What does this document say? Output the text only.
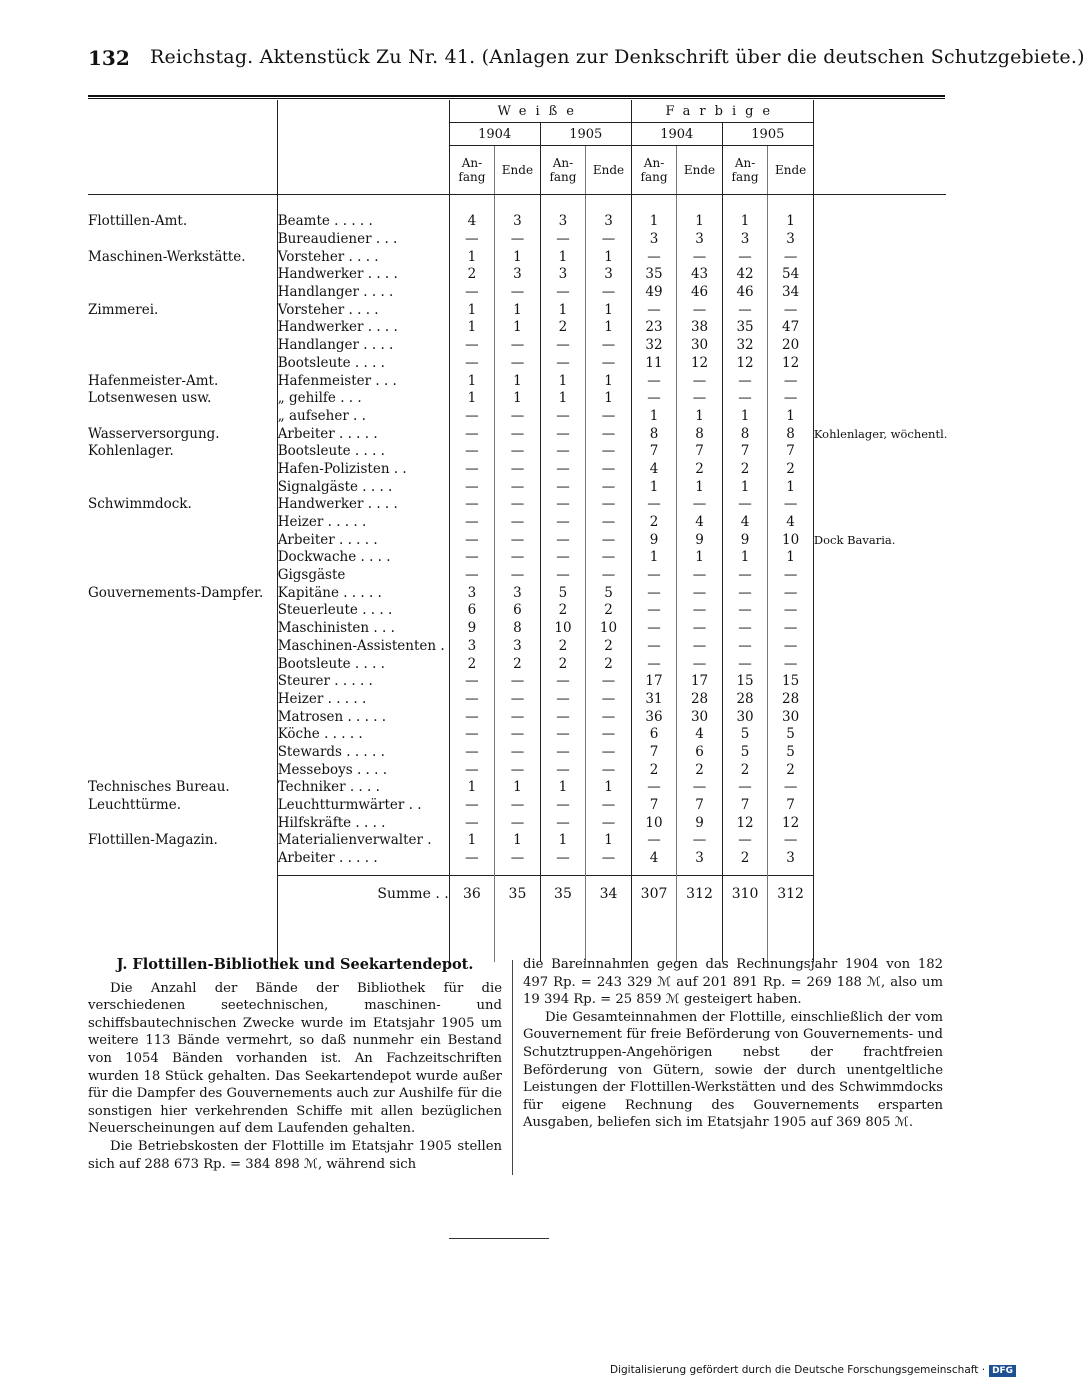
132 Reichstag. Aktenstück Zu Nr. 41. (Anlagen zur Denkschrift über die deutschen Schutzgebiete.)
		Weiße				Farbige				
		1904		1905		1904		1905		
		An- fang	Ende	An- fang	Ende	An- fang	Ende	An- fang	Ende	

Flottillen-Amt.	Beamte . . . . .	4	3	3	3	1	1	1	1	
	Bureaudiener . . .	—	—	—	—	3	3	3	3	
Maschinen-Werkstätte.	Vorsteher . . . .	1	1	1	1	—	—	—	—	
	Handwerker . . . .	2	3	3	3	35	43	42	54	
	Handlanger . . . .	—	—	—	—	49	46	46	34	
Zimmerei.	Vorsteher . . . .	1	1	1	1	—	—	—	—	
	Handwerker . . . .	1	1	2	1	23	38	35	47	
	Handlanger . . . .	—	—	—	—	32	30	32	20	
	Bootsleute . . . .	—	—	—	—	11	12	12	12	
Hafenmeister-Amt.	Hafenmeister . . .	1	1	1	1	—	—	—	—	
Lotsenwesen usw.	„ gehilfe . . .	1	1	1	1	—	—	—	—	
	„ aufseher . .	—	—	—	—	1	1	1	1	
Wasserversorgung.	Arbeiter . . . . .	—	—	—	—	8	8	8	8	Kohlenlager, wöchentl.
Kohlenlager.	Bootsleute . . . .	—	—	—	—	7	7	7	7	
	Hafen-Polizisten . .	—	—	—	—	4	2	2	2	
	Signalgäste . . . .	—	—	—	—	1	1	1	1	
Schwimmdock.	Handwerker . . . .	—	—	—	—	—	—	—	—	
	Heizer . . . . .	—	—	—	—	2	4	4	4	
	Arbeiter . . . . .	—	—	—	—	9	9	9	10	Dock Bavaria.
	Dockwache . . . .	—	—	—	—	1	1	1	1	
	Gigsgäste	—	—	—	—	—	—	—	—	
Gouvernements-Dampfer.	Kapitäne . . . . .	3	3	5	5	—	—	—	—	
	Steuerleute . . . .	6	6	2	2	—	—	—	—	
	Maschinisten . . .	9	8	10	10	—	—	—	—	
	Maschinen-Assistenten .	3	3	2	2	—	—	—	—	
	Bootsleute . . . .	2	2	2	2	—	—	—	—	
	Steurer . . . . .	—	—	—	—	17	17	15	15	
	Heizer . . . . .	—	—	—	—	31	28	28	28	
	Matrosen . . . . .	—	—	—	—	36	30	30	30	
	Köche . . . . .	—	—	—	—	6	4	5	5	
	Stewards . . . . .	—	—	—	—	7	6	5	5	
	Messeboys . . . .	—	—	—	—	2	2	2	2	
Technisches Bureau.	Techniker . . . .	1	1	1	1	—	—	—	—	
Leuchttürme.	Leuchtturmwärter . .	—	—	—	—	7	7	7	7	
	Hilfskräfte . . . .	—	—	—	—	10	9	12	12	
Flottillen-Magazin.	Materialienverwalter .	1	1	1	1	—	—	—	—	
	Arbeiter . . . . .	—	—	—	—	4	3	2	3	

	Summe . .	36	35	35	34	307	312	310	312	

J. Flottillen-Bibliothek und Seekartendepot.

Die Anzahl der Bände der Bibliothek für die verschiedenen seetechnischen, maschinen- und schiffsbautechnischen Zwecke wurde im Etatsjahr 1905 um weitere 113 Bände vermehrt, so daß nunmehr ein Bestand von 1054 Bänden vorhanden ist. An Fachzeitschriften wurden 18 Stück gehalten. Das Seekartendepot wurde außer für die Dampfer des Gouvernements auch zur Aushilfe für die sonstigen hier verkehrenden Schiffe mit allen bezüglichen Neuerscheinungen auf dem Laufenden gehalten.

Die Betriebskosten der Flottille im Etatsjahr 1905 stellen sich auf 288 673 Rp. = 384 898 ℳ, während sich

die Bareinnahmen gegen das Rechnungsjahr 1904 von 182 497 Rp. = 243 329 ℳ auf 201 891 Rp. = 269 188 ℳ, also um 19 394 Rp. = 25 859 ℳ gesteigert haben.

Die Gesamteinnahmen der Flottille, einschließlich der vom Gouvernement für freie Beförderung von Gouvernements- und Schutztruppen-Angehörigen nebst der frachtfreien Beförderung von Gütern, sowie der durch unentgeltliche Leistungen der Flottillen-Werkstätten und des Schwimmdocks für eigene Rechnung des Gouvernements ersparten Ausgaben, beliefen sich im Etatsjahr 1905 auf 369 805 ℳ.

Digitalisierung gefördert durch die Deutsche Forschungsgemeinschaft · DFG
